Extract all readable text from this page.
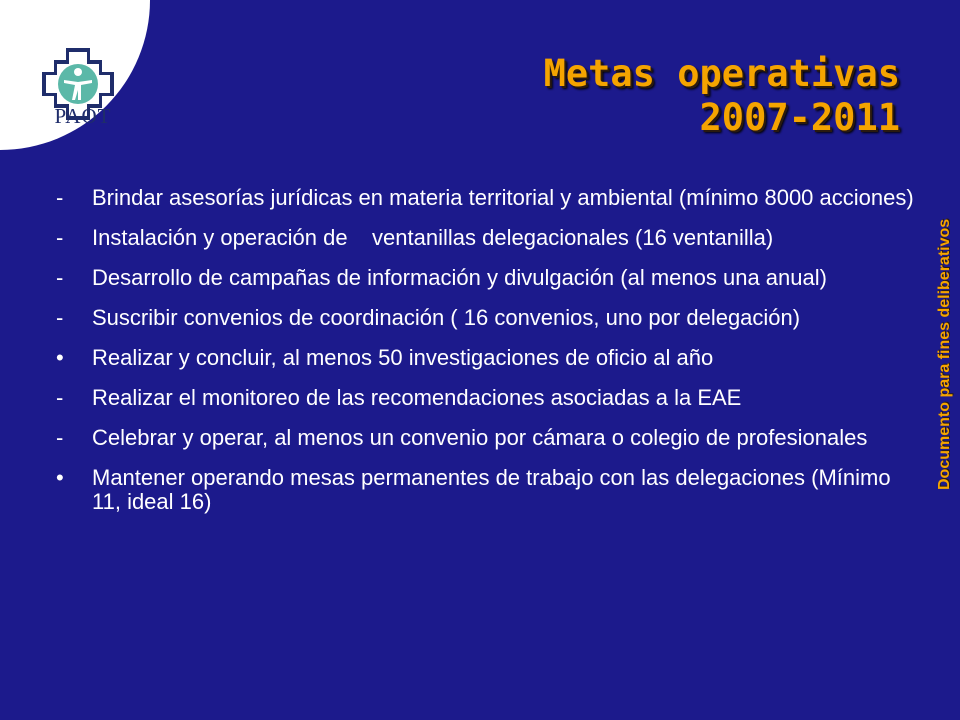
PAOT
Metas operativas
2007-2011
Documento para fines deliberativos
-	Brindar asesorías jurídicas en materia territorial y ambiental (mínimo 8000 acciones)
-	Instalación y operación de    ventanillas delegacionales (16 ventanilla)
-	Desarrollo de campañas de información y divulgación (al menos una anual)
-	Suscribir convenios de coordinación ( 16 convenios, uno por delegación)
•	Realizar y concluir, al menos 50 investigaciones de oficio al año
-	Realizar el monitoreo de las recomendaciones asociadas a la EAE
-	Celebrar y operar, al menos un convenio por cámara o colegio de profesionales
•	Mantener operando mesas permanentes de trabajo con las delegaciones (Mínimo 11, ideal 16)
